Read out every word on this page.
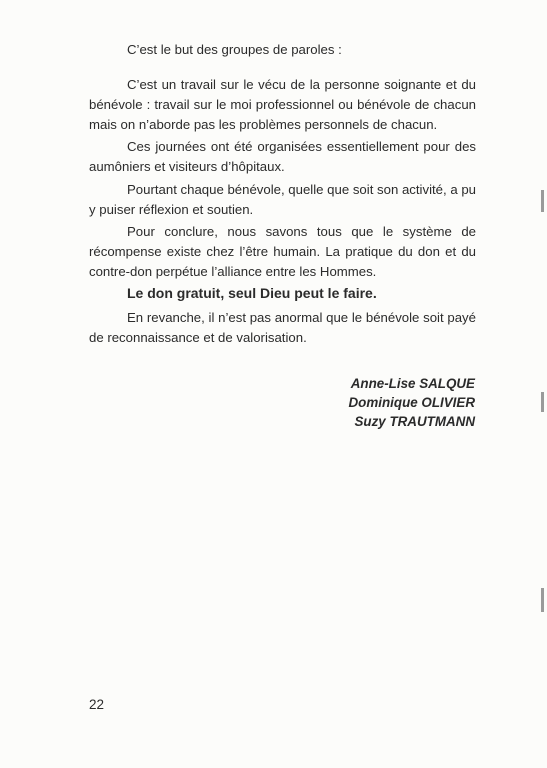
C’est le but des groupes de paroles :

C’est un travail sur le vécu de la personne soignante et du bénévole : travail sur le moi professionnel ou bénévole de chacun mais on n’aborde pas les problèmes personnels de chacun.

Ces journées ont été organisées essentiellement pour des aumôniers et visiteurs d’hôpitaux.

Pourtant chaque bénévole, quelle que soit son activité, a pu y puiser réflexion et soutien.

Pour conclure, nous savons tous que le système de récompense existe chez l’être humain. La pratique du don et du contre-don perpétue l’alliance entre les Hommes.

Le don gratuit, seul Dieu peut le faire.

En revanche, il n’est pas anormal que le bénévole soit payé de reconnaissance et de valorisation.

Anne-Lise SALQUE
Dominique OLIVIER
Suzy TRAUTMANN
22
